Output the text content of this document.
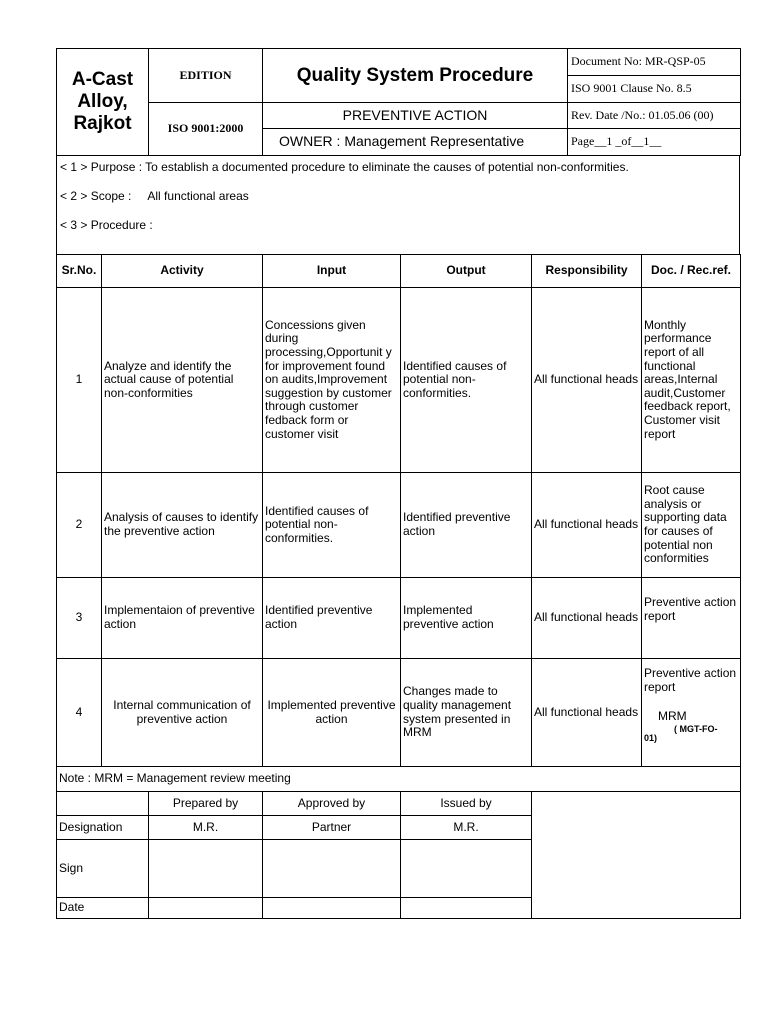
A-Cast
Alloy,
Rajkot	EDITION	Quality System Procedure	Document No: MR-QSP-05
			ISO 9001 Clause No. 8.5
	ISO 9001:2000	PREVENTIVE ACTION	Rev. Date /No.: 01.05.06 (00)
		OWNER : Management Representative	Page__1 _of__1__

< 1 > Purpose : To establish a documented procedure to eliminate the causes of potential non-conformities.

< 2 > Scope : All functional areas

< 3 > Procedure :

Sr.No.	Activity	Input	Output	Responsibility	Doc. / Rec.ref.
1	Analyze and identify the actual cause of potential non-conformities	Concessions given during processing,Opportunit y for improvement found on audits,Improvement suggestion by customer through customer fedback form or customer visit	Identified causes of potential non-conformities.	All functional heads	Monthly performance report of all functional areas,Internal audit,Customer feedback report, Customer visit report
2	Analysis of causes to identify the preventive action	Identified causes of potential non-conformities.	Identified preventive action	All functional heads	Root cause analysis or supporting data for causes of potential non conformities
3	Implementaion of preventive action	Identified preventive action	Implemented preventive action	All functional heads	Preventive action report
4	Internal communication of preventive action	Implemented preventive action	Changes made to quality management system presented in MRM	All functional heads	Preventive action report
MRM
( MGT-FO-
01)

Note : MRM = Management review meeting					
	Prepared by	Approved by	Issued by	
Designation	M.R.	Partner	M.R.	
Sign				
Date				
